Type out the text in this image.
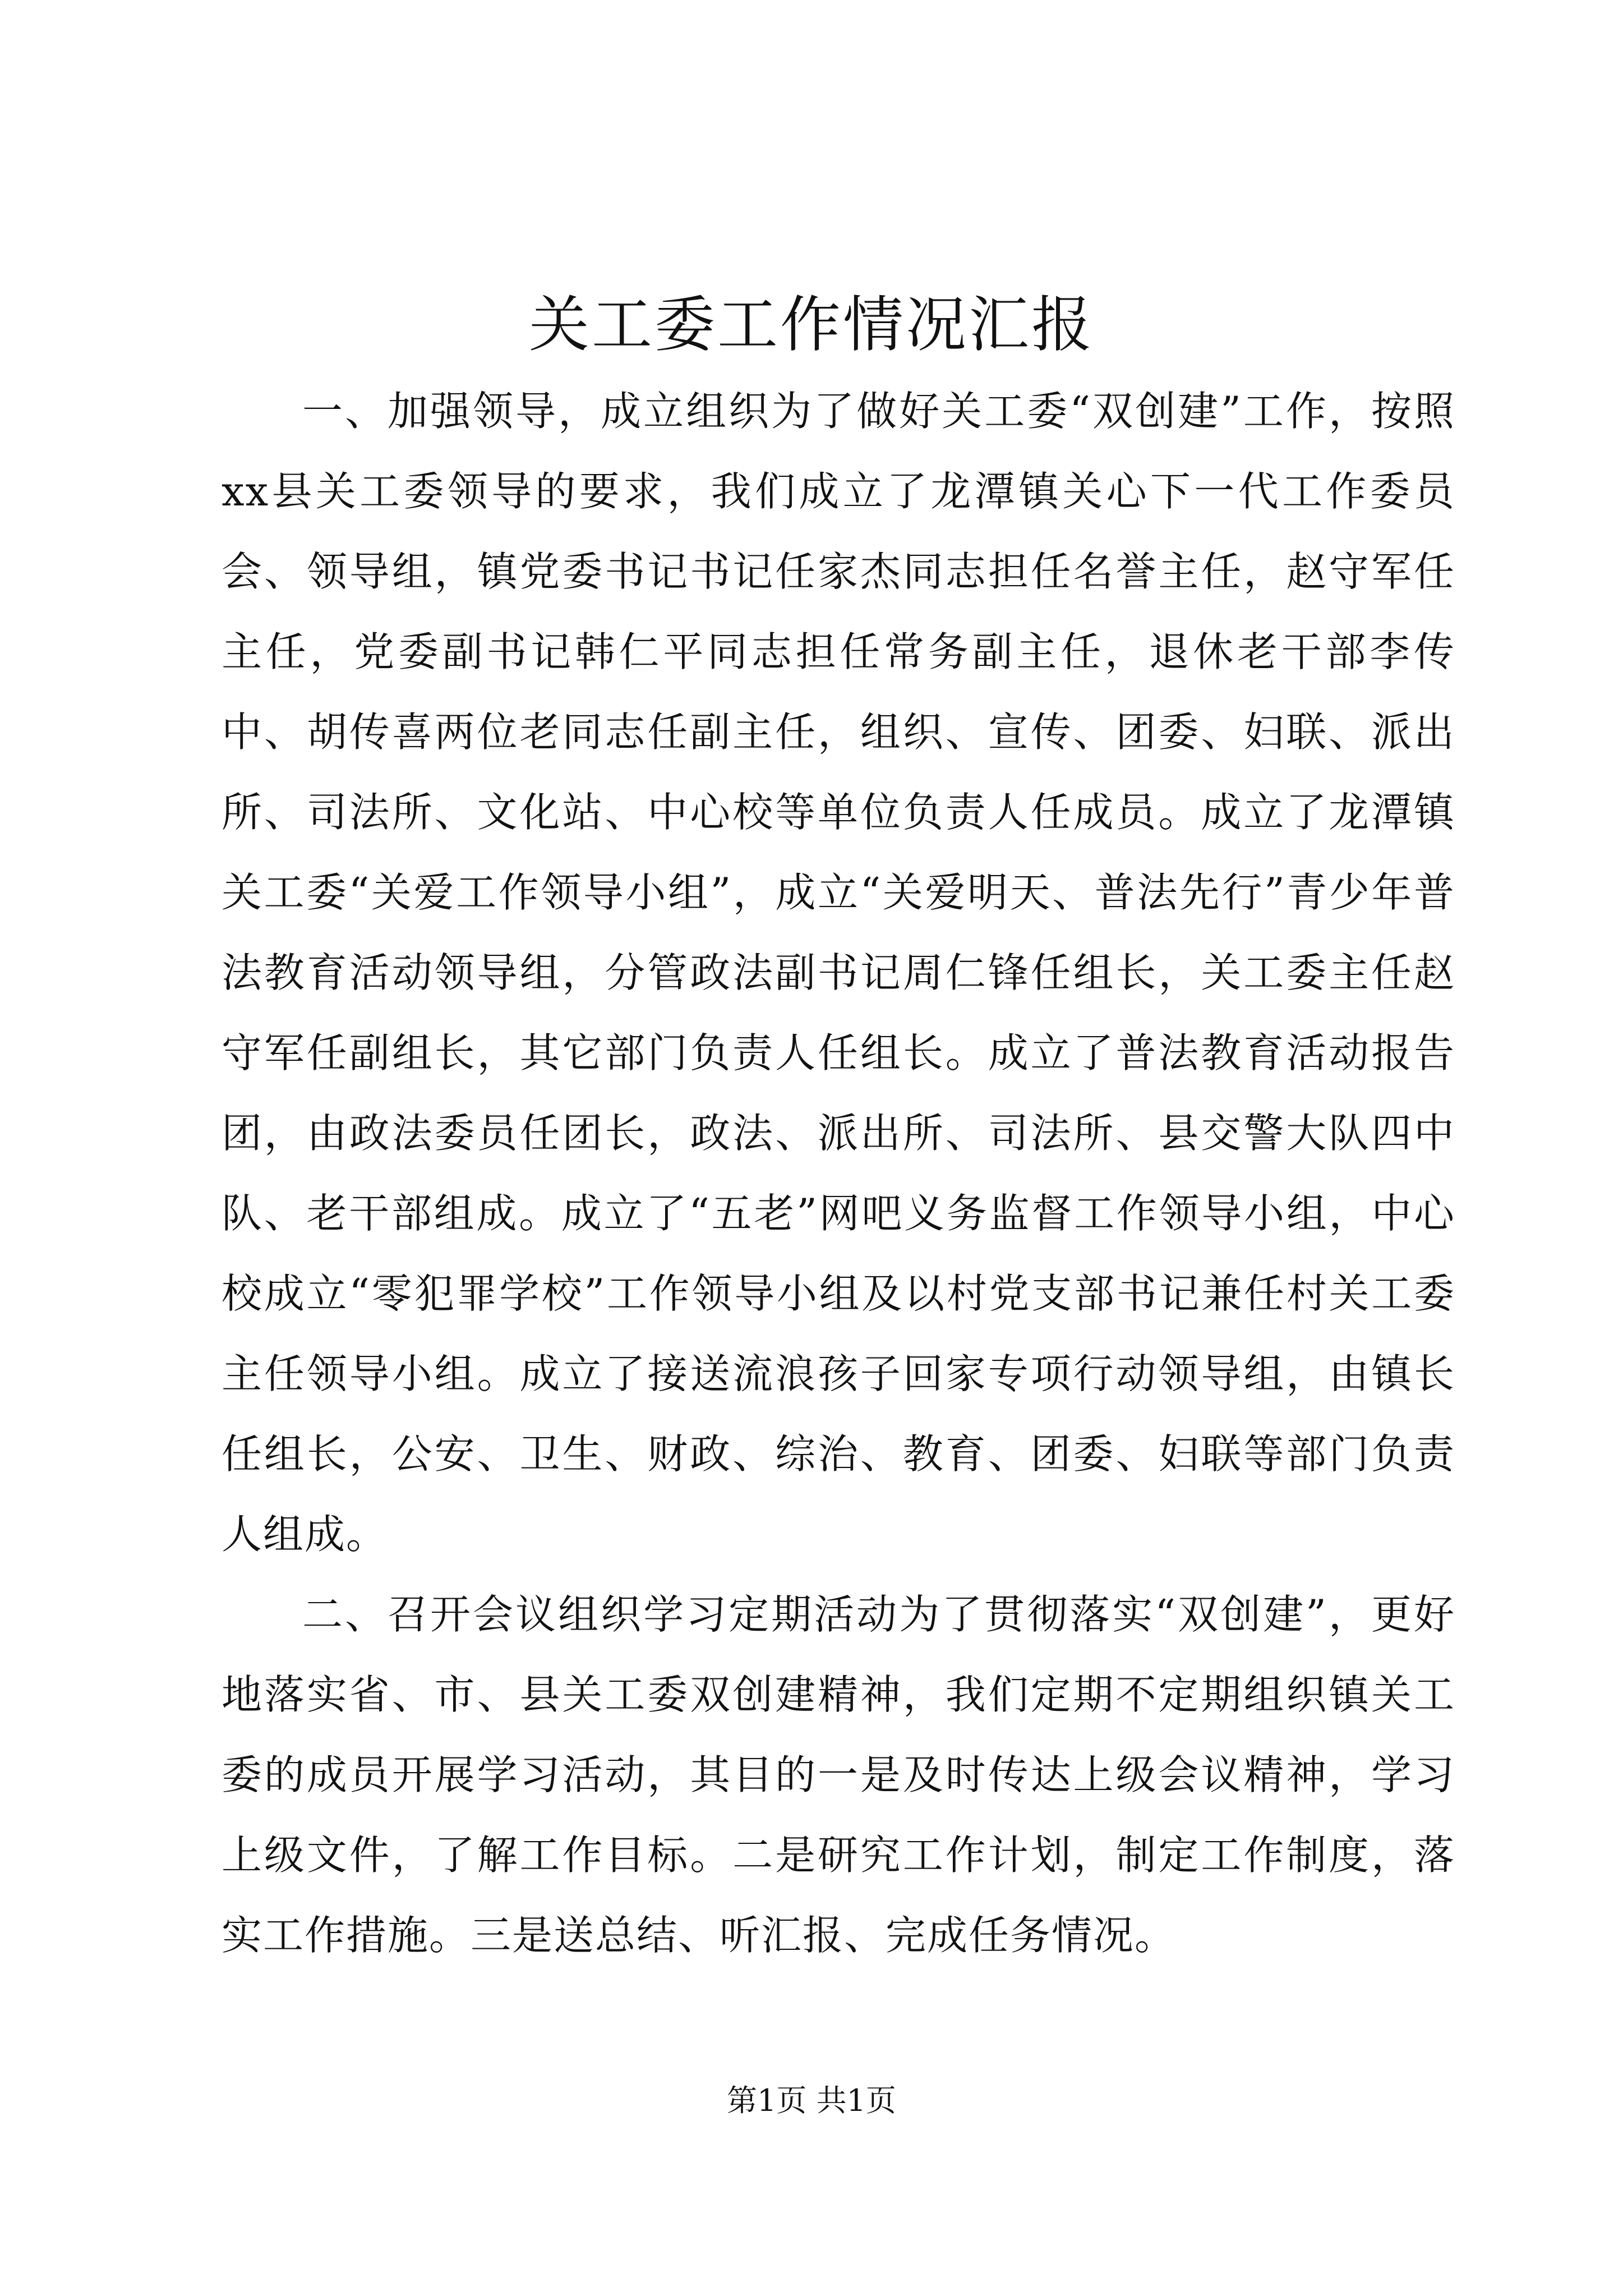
关工委工作情况汇报

一、加强领导，成立组织为了做好关工委“双创建”工作，按照xx县关工委领导的要求，我们成立了龙潭镇关心下一代工作委员会、领导组，镇党委书记书记任家杰同志担任名誉主任，赵守军任主任，党委副书记韩仁平同志担任常务副主任，退休老干部李传中、胡传喜两位老同志任副主任，组织、宣传、团委、妇联、派出所、司法所、文化站、中心校等单位负责人任成员。成立了龙潭镇关工委“关爱工作领导小组”，成立“关爱明天、普法先行”青少年普法教育活动领导组，分管政法副书记周仁锋任组长，关工委主任赵守军任副组长，其它部门负责人任组长。成立了普法教育活动报告团，由政法委员任团长，政法、派出所、司法所、县交警大队四中队、老干部组成。成立了“五老”网吧义务监督工作领导小组，中心校成立“零犯罪学校”工作领导小组及以村党支部书记兼任村关工委主任领导小组。成立了接送流浪孩子回家专项行动领导组，由镇长任组长，公安、卫生、财政、综治、教育、团委、妇联等部门负责人组成。

二、召开会议组织学习定期活动为了贯彻落实“双创建”，更好地落实省、市、县关工委双创建精神，我们定期不定期组织镇关工委的成员开展学习活动，其目的一是及时传达上级会议精神，学习上级文件，了解工作目标。二是研究工作计划，制定工作制度，落实工作措施。三是送总结、听汇报、完成任务情况。

第1页 共1页
